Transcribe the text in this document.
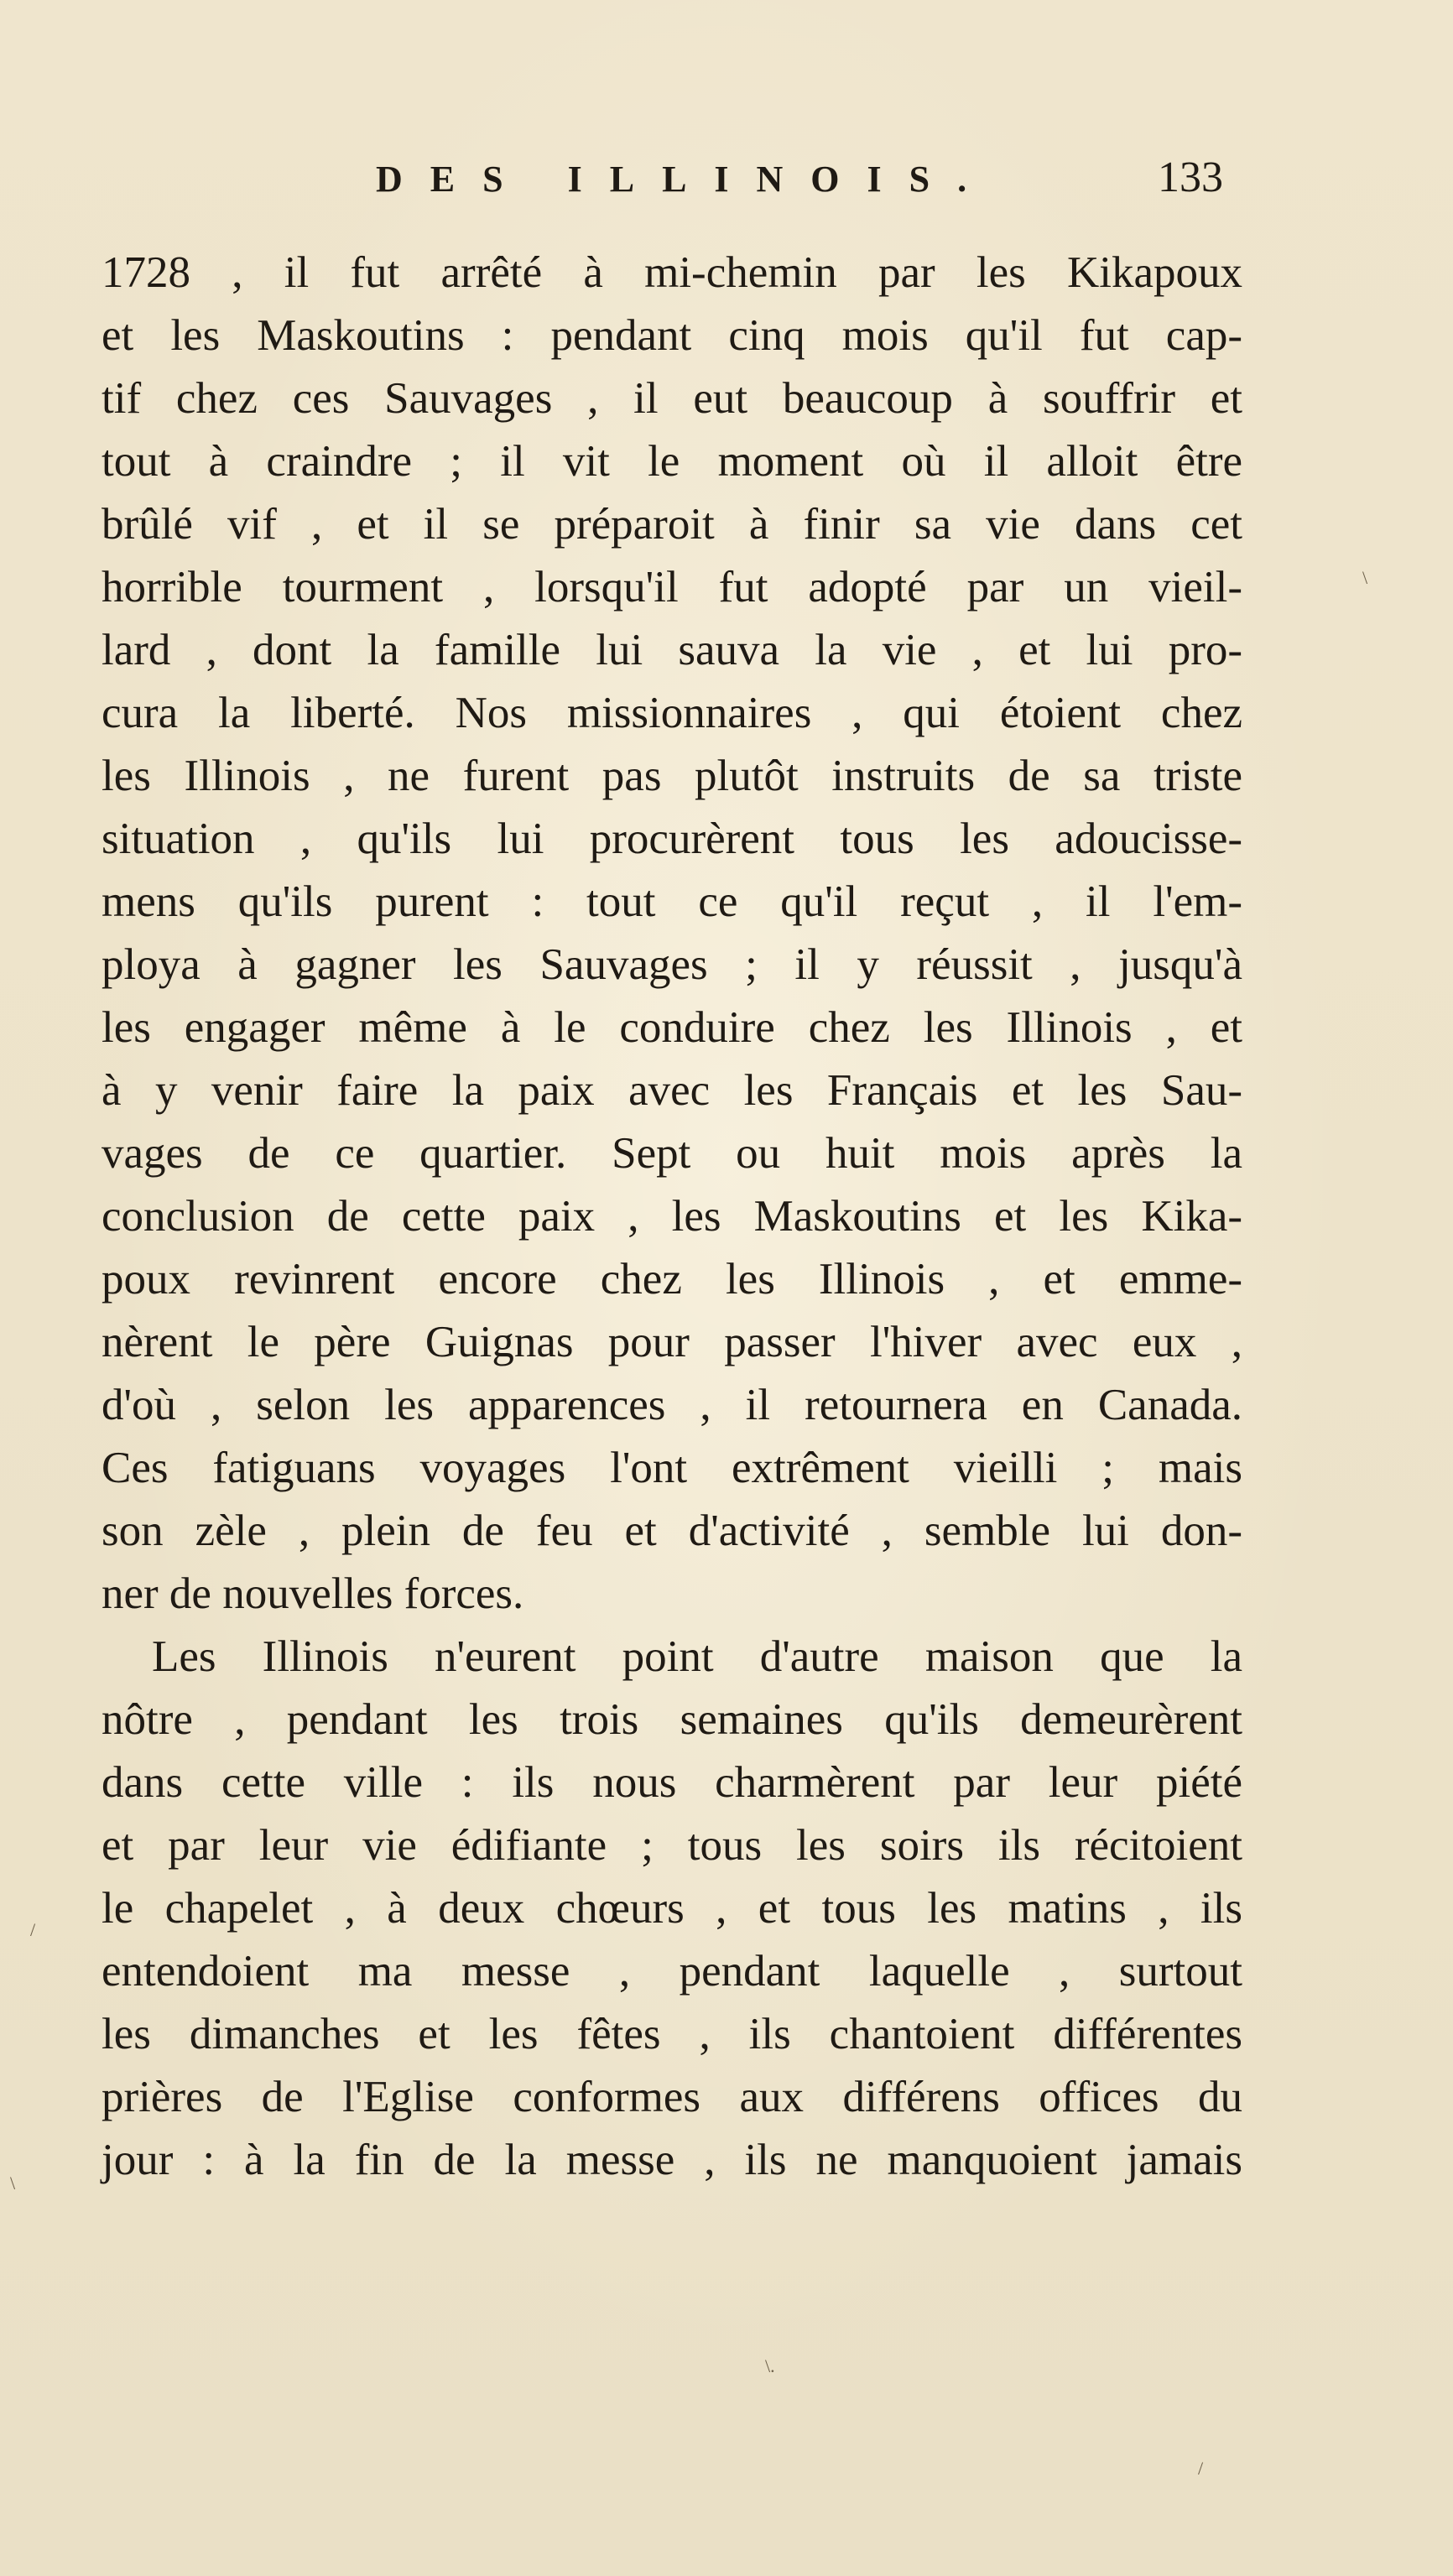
DES ILLINOIS.	133
1728 , il fut arrêté à mi-chemin par les Kikapoux
et les Maskoutins : pendant cinq mois qu'il fut cap-
tif chez ces Sauvages , il eut beaucoup à souffrir et
tout à craindre ; il vit le moment où il alloit être
brûlé vif , et il se préparoit à finir sa vie dans cet
horrible tourment , lorsqu'il fut adopté par un vieil-
lard , dont la famille lui sauva la vie , et lui pro-
cura la liberté. Nos missionnaires , qui étoient chez
les Illinois , ne furent pas plutôt instruits de sa triste
situation , qu'ils lui procurèrent tous les adoucisse-
mens qu'ils purent : tout ce qu'il reçut , il l'em-
ploya à gagner les Sauvages ; il y réussit , jusqu'à
les engager même à le conduire chez les Illinois , et
à y venir faire la paix avec les Français et les Sau-
vages de ce quartier. Sept ou huit mois après la
conclusion de cette paix , les Maskoutins et les Kika-
poux revinrent encore chez les Illinois , et emme-
nèrent le père Guignas pour passer l'hiver avec eux ,
d'où , selon les apparences , il retournera en Canada.
Ces fatiguans voyages l'ont extrêment vieilli ; mais
son zèle , plein de feu et d'activité , semble lui don-
ner de nouvelles forces.
Les Illinois n'eurent point d'autre maison que la
nôtre , pendant les trois semaines qu'ils demeurèrent
dans cette ville : ils nous charmèrent par leur piété
et par leur vie édifiante ; tous les soirs ils récitoient
le chapelet , à deux chœurs , et tous les matins , ils
entendoient ma messe , pendant laquelle , surtout
les dimanches et les fêtes , ils chantoient différentes
prières de l'Eglise conformes aux différens offices du
jour : à la fin de la messe , ils ne manquoient jamais
\
/
\
\.
/
